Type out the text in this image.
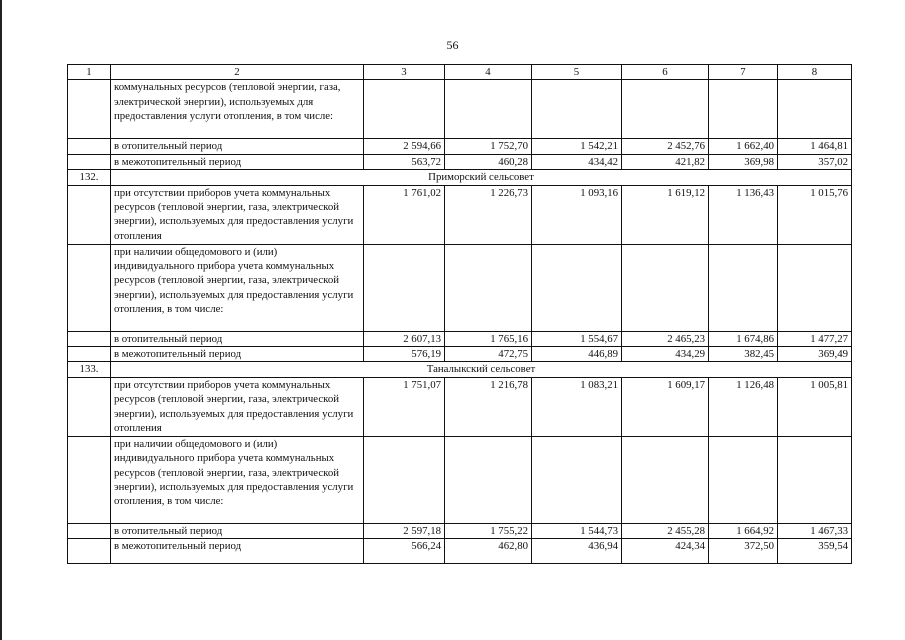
56
1	2	3	4	5	6	7	8
	коммунальных ресурсов (тепловой энергии, газа, электрической энергии), используемых для предоставления услуги отопления, в том числе:						
	в отопительный период	2 594,66	1 752,70	1 542,21	2 452,76	1 662,40	1 464,81
	в межотопительный период	563,72	460,28	434,42	421,82	369,98	357,02
132.	Приморский сельсовет						
	при отсутствии приборов учета коммунальных ресурсов (тепловой энергии, газа, электрической энергии), используемых для предоставления услуги отопления	1 761,02	1 226,73	1 093,16	1 619,12	1 136,43	1 015,76
	при наличии общедомового и (или) индивидуального прибора учета коммунальных ресурсов (тепловой энергии, газа, электрической энергии), используемых для предоставления услуги отопления, в том числе:						
	в отопительный период	2 607,13	1 765,16	1 554,67	2 465,23	1 674,86	1 477,27
	в межотопительный период	576,19	472,75	446,89	434,29	382,45	369,49
133.	Таналыкский сельсовет						
	при отсутствии приборов учета коммунальных ресурсов (тепловой энергии, газа, электрической энергии), используемых для предоставления услуги отопления	1 751,07	1 216,78	1 083,21	1 609,17	1 126,48	1 005,81
	при наличии общедомового и (или) индивидуального прибора учета коммунальных ресурсов (тепловой энергии, газа, электрической энергии), используемых для предоставления услуги отопления, в том числе:						
	в отопительный период	2 597,18	1 755,22	1 544,73	2 455,28	1 664,92	1 467,33
	в межотопительный период	566,24	462,80	436,94	424,34	372,50	359,54
